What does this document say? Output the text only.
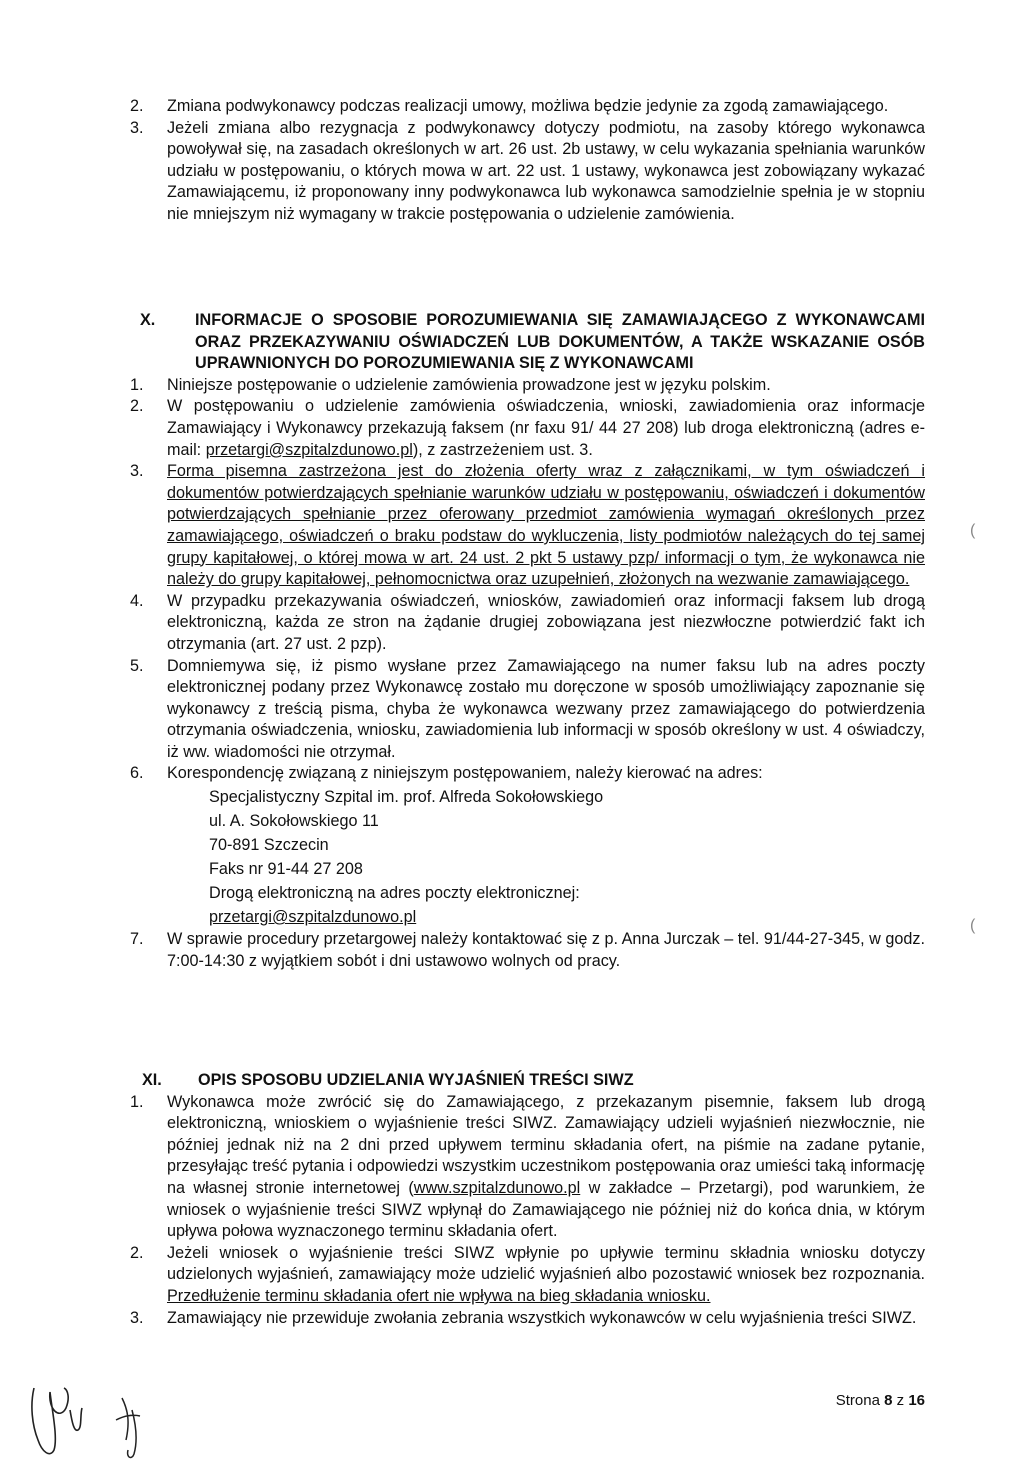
2. Zmiana podwykonawcy podczas realizacji umowy, możliwa będzie jedynie za zgodą zamawiającego.

3. Jeżeli zmiana albo rezygnacja z podwykonawcy dotyczy podmiotu, na zasoby którego wykonawca powoływał się, na zasadach określonych w art. 26 ust. 2b ustawy, w celu wykazania spełniania warunków udziału w postępowaniu, o których mowa w art. 22 ust. 1 ustawy, wykonawca jest zobowiązany wykazać Zamawiającemu, iż proponowany inny podwykonawca lub wykonawca samodzielnie spełnia je w stopniu nie mniejszym niż wymagany w trakcie postępowania o udzielenie zamówienia.

X. INFORMACJE O SPOSOBIE POROZUMIEWANIA SIĘ ZAMAWIAJĄCEGO Z WYKONAWCAMI ORAZ PRZEKAZYWANIU OŚWIADCZEŃ LUB DOKUMENTÓW, A TAKŻE WSKAZANIE OSÓB UPRAWNIONYCH DO POROZUMIEWANIA SIĘ Z WYKONAWCAMI

1. Niniejsze postępowanie o udzielenie zamówienia prowadzone jest w języku polskim.

2. W postępowaniu o udzielenie zamówienia oświadczenia, wnioski, zawiadomienia oraz informacje Zamawiający i Wykonawcy przekazują faksem (nr faxu 91/ 44 27 208) lub droga elektroniczną (adres e-mail: przetargi@szpitalzdunowo.pl), z zastrzeżeniem ust. 3.

3. Forma pisemna zastrzeżona jest do złożenia oferty wraz z załącznikami, w tym oświadczeń i dokumentów potwierdzających spełnianie warunków udziału w postępowaniu, oświadczeń i dokumentów potwierdzających spełnianie przez oferowany przedmiot zamówienia wymagań określonych przez zamawiającego, oświadczeń o braku podstaw do wykluczenia, listy podmiotów należących do tej samej grupy kapitałowej, o której mowa w art. 24 ust. 2 pkt 5 ustawy pzp/ informacji o tym, że wykonawca nie należy do grupy kapitałowej, pełnomocnictwa oraz uzupełnień, złożonych na wezwanie zamawiającego.

4. W przypadku przekazywania oświadczeń, wniosków, zawiadomień oraz informacji faksem lub drogą elektroniczną, każda ze stron na żądanie drugiej zobowiązana jest niezwłoczne potwierdzić fakt ich otrzymania (art. 27 ust. 2 pzp).

5. Domniemywa się, iż pismo wysłane przez Zamawiającego na numer faksu lub na adres poczty elektronicznej podany przez Wykonawcę zostało mu doręczone w sposób umożliwiający zapoznanie się wykonawcy z treścią pisma, chyba że wykonawca wezwany przez zamawiającego do potwierdzenia otrzymania oświadczenia, wniosku, zawiadomienia lub informacji w sposób określony w ust. 4 oświadczy, iż ww. wiadomości nie otrzymał.

6. Korespondencję związaną z niniejszym postępowaniem, należy kierować na adres:
Specjalistyczny Szpital im. prof. Alfreda Sokołowskiego
ul. A. Sokołowskiego 11
70-891 Szczecin
Faks nr 91-44 27 208
Drogą elektroniczną na adres poczty elektronicznej:
przetargi@szpitalzdunowo.pl

7. W sprawie procedury przetargowej należy kontaktować się z p. Anna Jurczak – tel. 91/44-27-345, w godz. 7:00-14:30 z wyjątkiem sobót i dni ustawowo wolnych od pracy.

XI. OPIS SPOSOBU UDZIELANIA WYJAŚNIEŃ TREŚCI SIWZ

1. Wykonawca może zwrócić się do Zamawiającego, z przekazanym pisemnie, faksem lub drogą elektroniczną, wnioskiem o wyjaśnienie treści SIWZ. Zamawiający udzieli wyjaśnień niezwłocznie, nie później jednak niż na 2 dni przed upływem terminu składania ofert, na piśmie na zadane pytanie, przesyłając treść pytania i odpowiedzi wszystkim uczestnikom postępowania oraz umieści taką informację na własnej stronie internetowej (www.szpitalzdunowo.pl w zakładce – Przetargi), pod warunkiem, że wniosek o wyjaśnienie treści SIWZ wpłynął do Zamawiającego nie później niż do końca dnia, w którym upływa połowa wyznaczonego terminu składania ofert.

2. Jeżeli wniosek o wyjaśnienie treści SIWZ wpłynie po upływie terminu składnia wniosku dotyczy udzielonych wyjaśnień, zamawiający może udzielić wyjaśnień albo pozostawić wniosek bez rozpoznania. Przedłużenie terminu składania ofert nie wpływa na bieg składania wniosku.

3. Zamawiający nie przewiduje zwołania zebrania wszystkich wykonawców w celu wyjaśnienia treści SIWZ.

(
(
Strona 8 z 16
